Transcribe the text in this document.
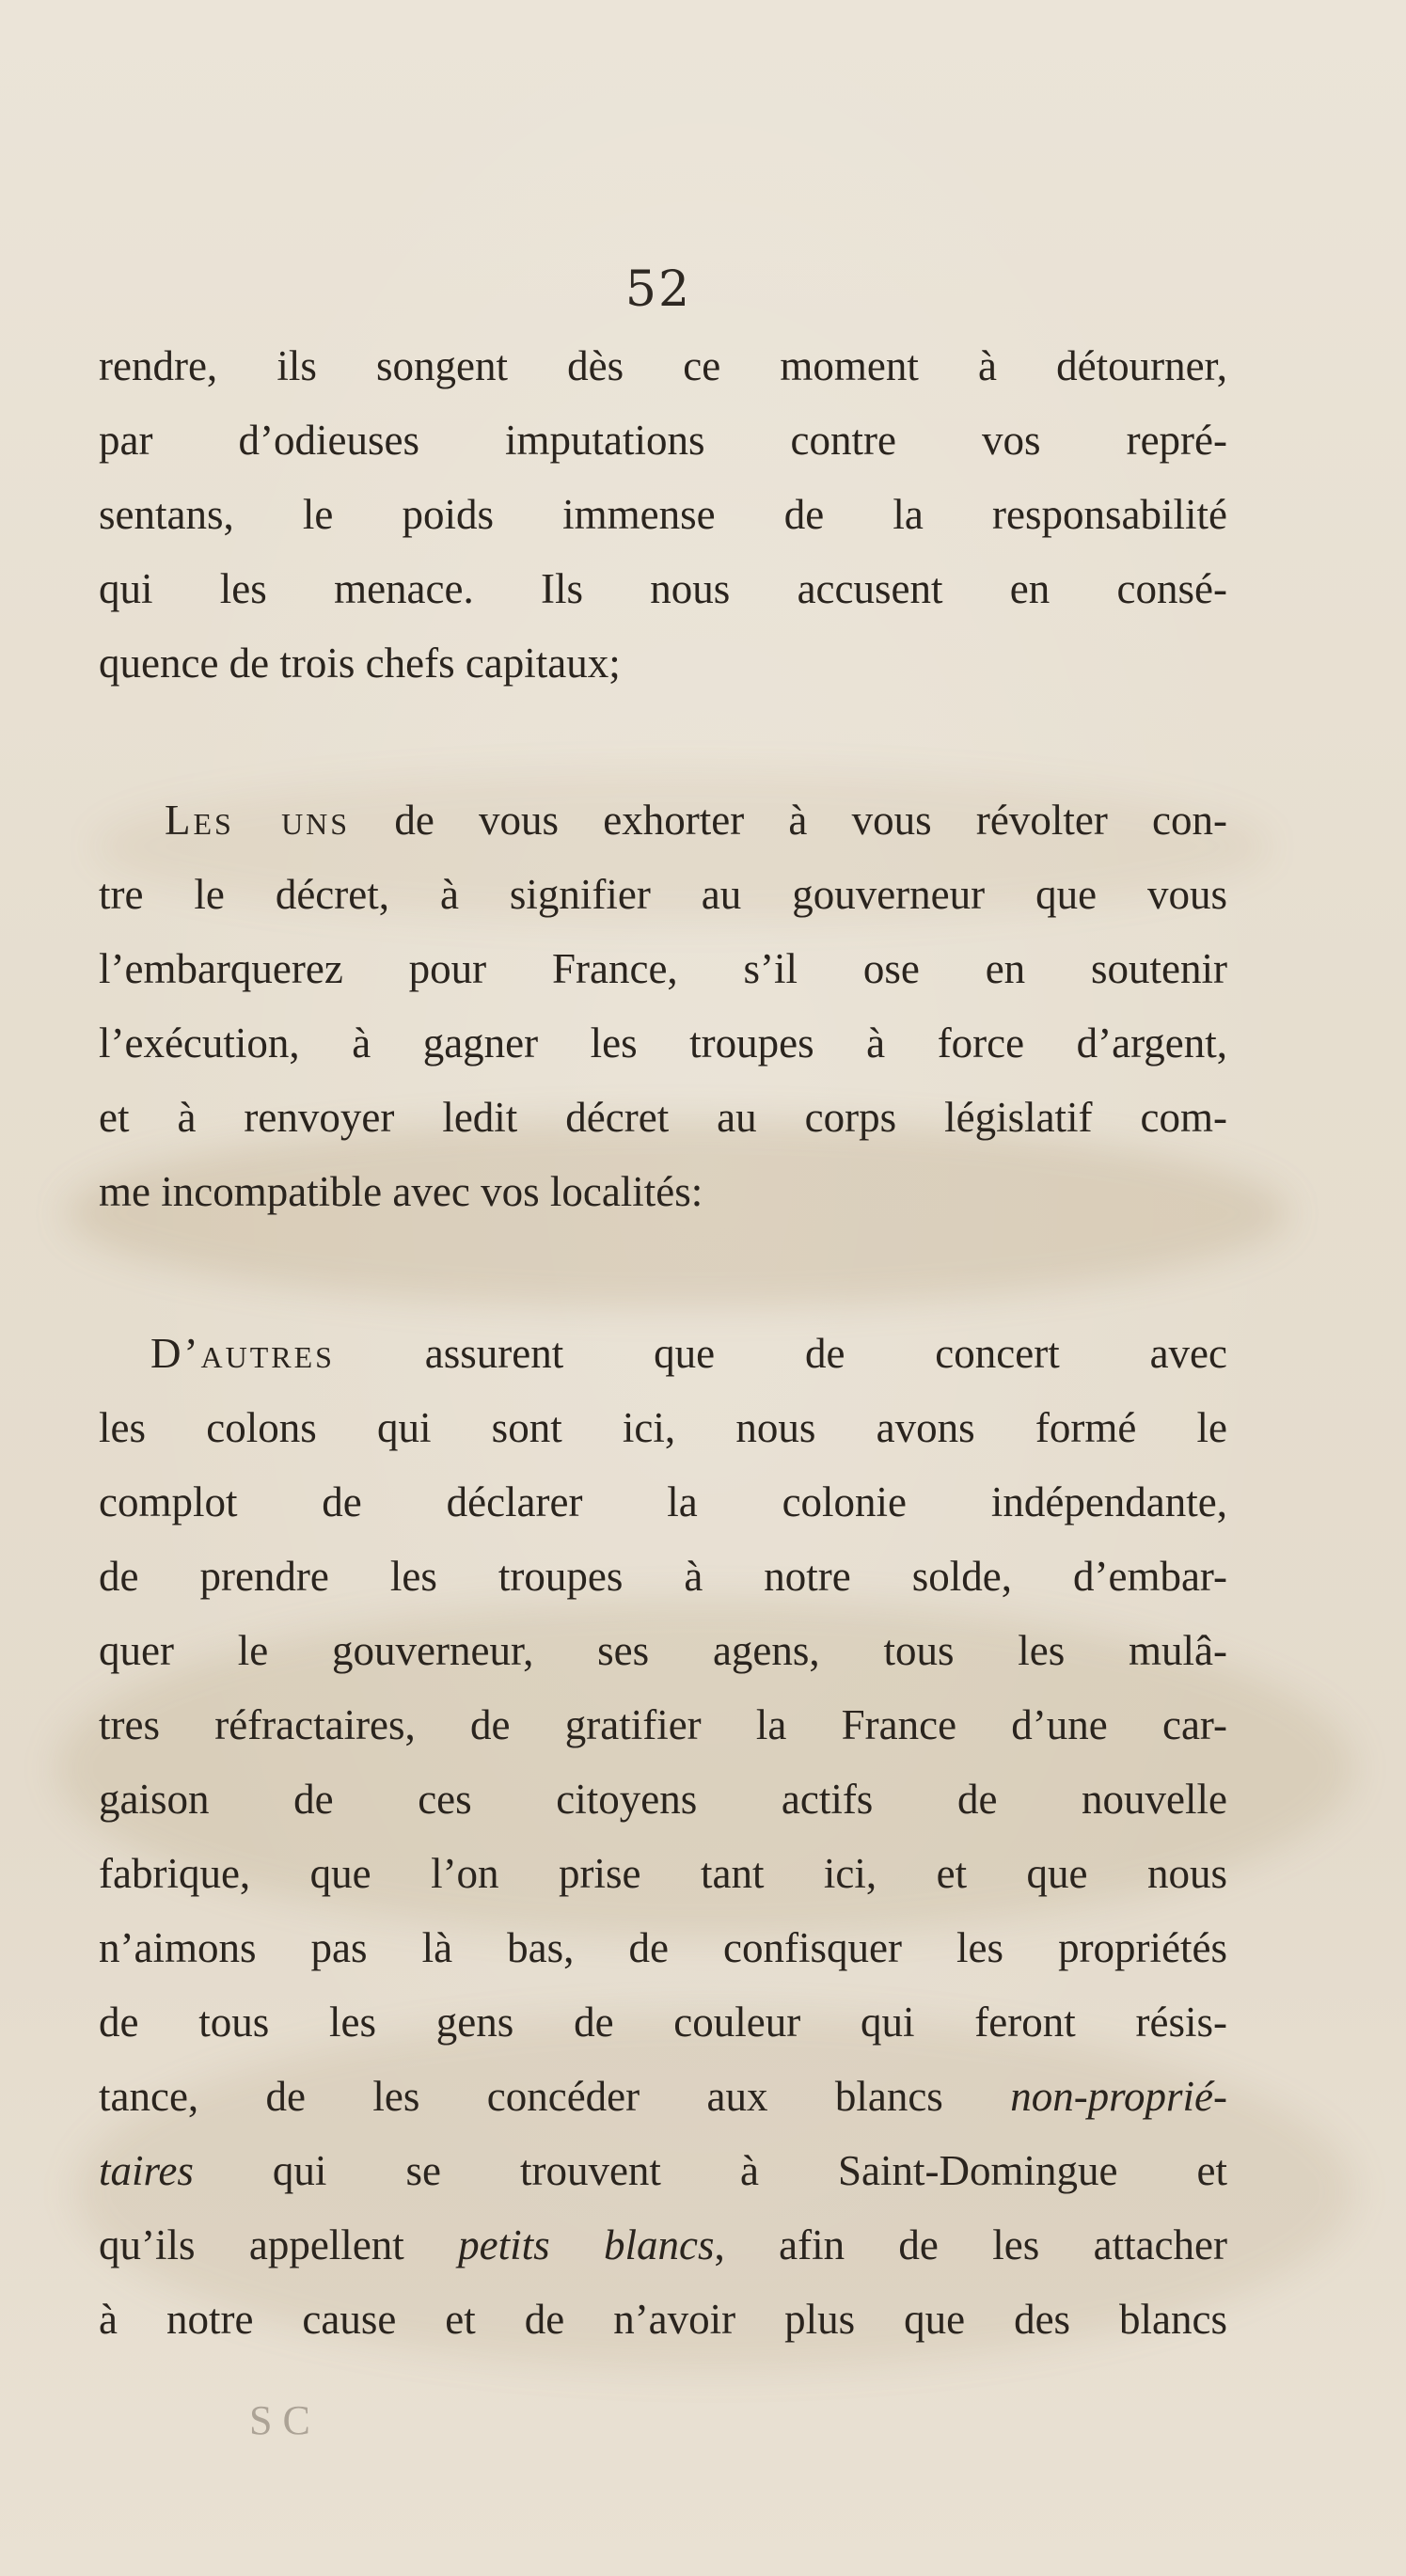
52
rendre, ils songent dès ce moment à détourner,
par d’odieuses imputations contre vos repré-
sentans, le poids immense de la responsabilité
qui les menace. Ils nous accusent en consé-
quence de trois chefs capitaux;
Les uns de vous exhorter à vous révolter con-
tre le décret, à signifier au gouverneur que vous
l’embarquerez pour France, s’il ose en soutenir
l’exécution, à gagner les troupes à force d’argent,
et à renvoyer ledit décret au corps législatif com-
me incompatible avec vos localités:
D’autres assurent que de concert avec
les colons qui sont ici, nous avons formé le
complot de déclarer la colonie indépendante,
de prendre les troupes à notre solde, d’embar-
quer le gouverneur, ses agens, tous les mulâ-
tres réfractaires, de gratifier la France d’une car-
gaison de ces citoyens actifs de nouvelle
fabrique, que l’on prise tant ici, et que nous
n’aimons pas là bas, de confisquer les propriétés
de tous les gens de couleur qui feront résis-
tance, de les concéder aux blancs non-proprié-
taires qui se trouvent à Saint-Domingue et
qu’ils appellent petits blancs, afin de les attacher
à notre cause et de n’avoir plus que des blancs
S C
